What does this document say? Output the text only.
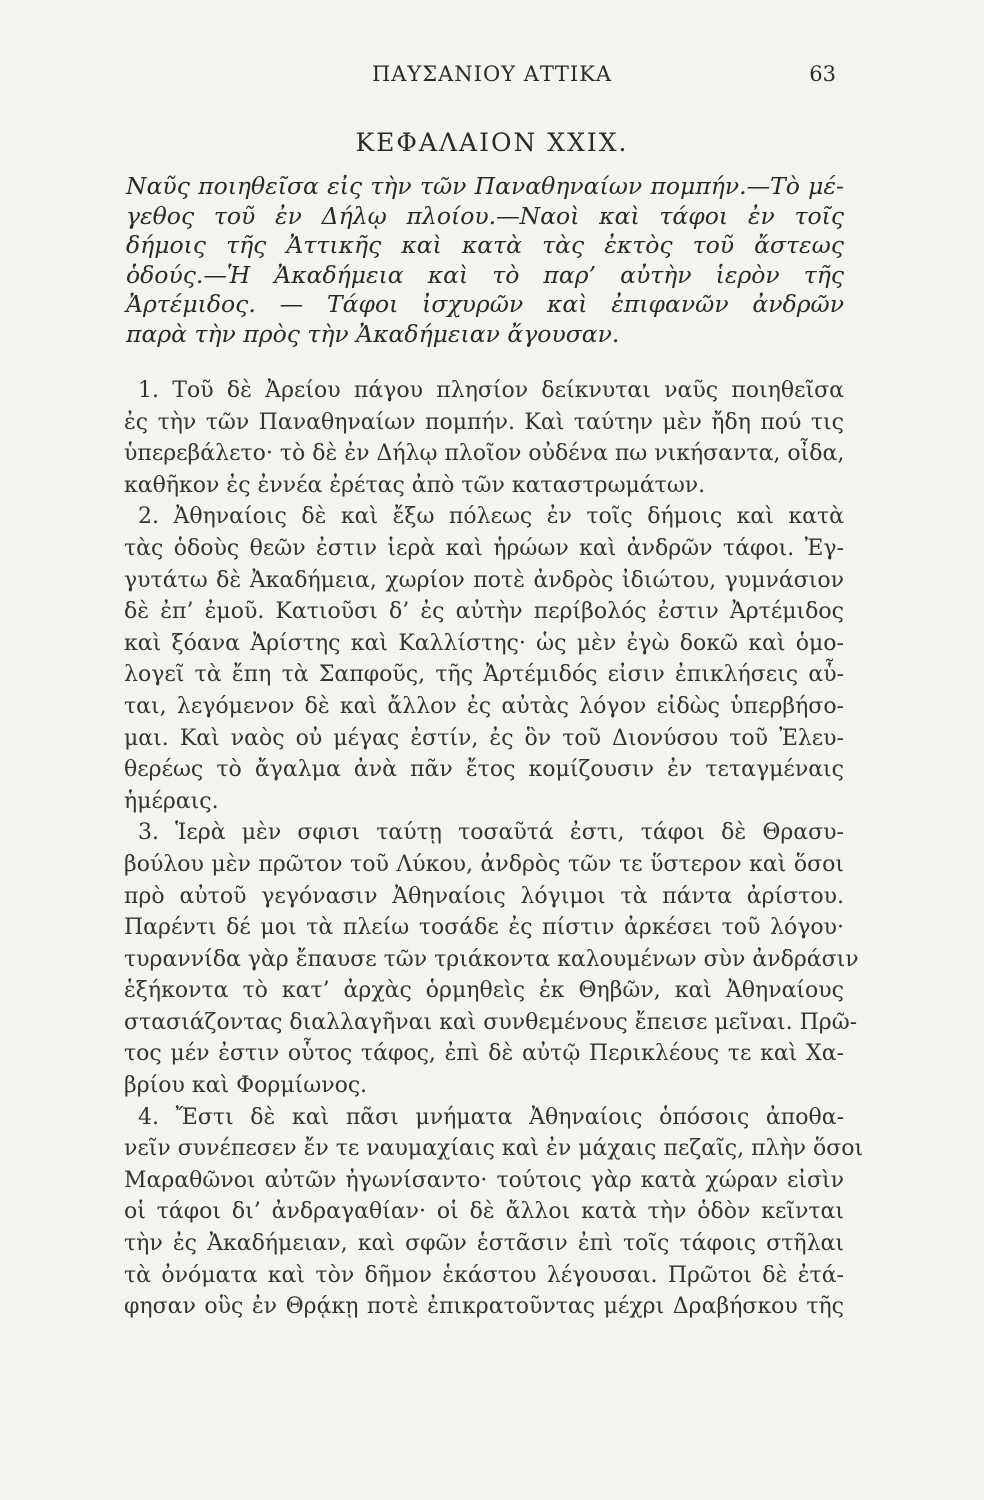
ΠΑΥΣΑΝΙΟΥ ΑΤΤΙΚΑ	63
ΚΕΦΑΛΑΙΟΝ XXIX.
Ναῦς ποιηθεῖσα εἰς τὴν τῶν Παναθηναίων πομπήν.—Τὸ μέ-
γεθος τοῦ ἐν Δήλῳ πλοίου.—Ναοὶ καὶ τάφοι ἐν τοῖς
δήμοις τῆς Ἀττικῆς καὶ κατὰ τὰς ἐκτὸς τοῦ ἄστεως
ὁδούς.—Ἡ Ἀκαδήμεια καὶ τὸ παρ’ αὐτὴν ἱερὸν τῆς
Ἀρτέμιδος. — Τάφοι ἰσχυρῶν καὶ ἐπιφανῶν ἀνδρῶν
παρὰ τὴν πρὸς τὴν Ἀκαδήμειαν ἄγουσαν.
1. Τοῦ δὲ Ἀρείου πάγου πλησίον δείκνυται ναῦς ποιηθεῖσα
ἐς τὴν τῶν Παναθηναίων πομπήν. Καὶ ταύτην μὲν ἤδη πού τις
ὑπερεβάλετο· τὸ δὲ ἐν Δήλῳ πλοῖον οὐδένα πω νικήσαντα, οἶδα,
καθῆκον ἐς ἐννέα ἐρέτας ἀπὸ τῶν καταστρωμάτων.
2. Ἀθηναίοις δὲ καὶ ἔξω πόλεως ἐν τοῖς δήμοις καὶ κατὰ
τὰς ὁδοὺς θεῶν ἐστιν ἱερὰ καὶ ἡρώων καὶ ἀνδρῶν τάφοι. Ἐγ-
γυτάτω δὲ Ἀκαδήμεια, χωρίον ποτὲ ἀνδρὸς ἰδιώτου, γυμνάσιον
δὲ ἐπ’ ἐμοῦ. Κατιοῦσι δ’ ἐς αὐτὴν περίβολός ἐστιν Ἀρτέμιδος
καὶ ξόανα Ἀρίστης καὶ Καλλίστης· ὡς μὲν ἐγὼ δοκῶ καὶ ὁμο-
λογεῖ τὰ ἔπη τὰ Σαπφοῦς, τῆς Ἀρτέμιδός εἰσιν ἐπικλήσεις αὗ-
ται, λεγόμενον δὲ καὶ ἄλλον ἐς αὐτὰς λόγον εἰδὼς ὑπερβήσο-
μαι. Καὶ ναὸς οὐ μέγας ἐστίν, ἐς ὃν τοῦ Διονύσου τοῦ Ἐλευ-
θερέως τὸ ἄγαλμα ἀνὰ πᾶν ἔτος κομίζουσιν ἐν τεταγμέναις
ἡμέραις.
3. Ἱερὰ μὲν σφισι ταύτῃ τοσαῦτά ἐστι, τάφοι δὲ Θρασυ-
βούλου μὲν πρῶτον τοῦ Λύκου, ἀνδρὸς τῶν τε ὕστερον καὶ ὅσοι
πρὸ αὐτοῦ γεγόνασιν Ἀθηναίοις λόγιμοι τὰ πάντα ἀρίστου.
Παρέντι δέ μοι τὰ πλείω τοσάδε ἐς πίστιν ἀρκέσει τοῦ λόγου·
τυραννίδα γὰρ ἔπαυσε τῶν τριάκοντα καλουμένων σὺν ἀνδράσιν
ἑξήκοντα τὸ κατ’ ἀρχὰς ὁρμηθεὶς ἐκ Θηβῶν, καὶ Ἀθηναίους
στασιάζοντας διαλλαγῆναι καὶ συνθεμένους ἔπεισε μεῖναι. Πρῶ-
τος μέν ἐστιν οὗτος τάφος, ἐπὶ δὲ αὐτῷ Περικλέους τε καὶ Χα-
βρίου καὶ Φορμίωνος.
4. Ἔστι δὲ καὶ πᾶσι μνήματα Ἀθηναίοις ὁπόσοις ἀποθα-
νεῖν συνέπεσεν ἔν τε ναυμαχίαις καὶ ἐν μάχαις πεζαῖς, πλὴν ὅσοι
Μαραθῶνοι αὐτῶν ἠγωνίσαντο· τούτοις γὰρ κατὰ χώραν εἰσὶν
οἱ τάφοι δι’ ἀνδραγαθίαν· οἱ δὲ ἄλλοι κατὰ τὴν ὁδὸν κεῖνται
τὴν ἐς Ἀκαδήμειαν, καὶ σφῶν ἑστᾶσιν ἐπὶ τοῖς τάφοις στῆλαι
τὰ ὀνόματα καὶ τὸν δῆμον ἑκάστου λέγουσαι. Πρῶτοι δὲ ἐτά-
φησαν οὓς ἐν Θρᾴκῃ ποτὲ ἐπικρατοῦντας μέχρι Δραβήσκου τῆς
